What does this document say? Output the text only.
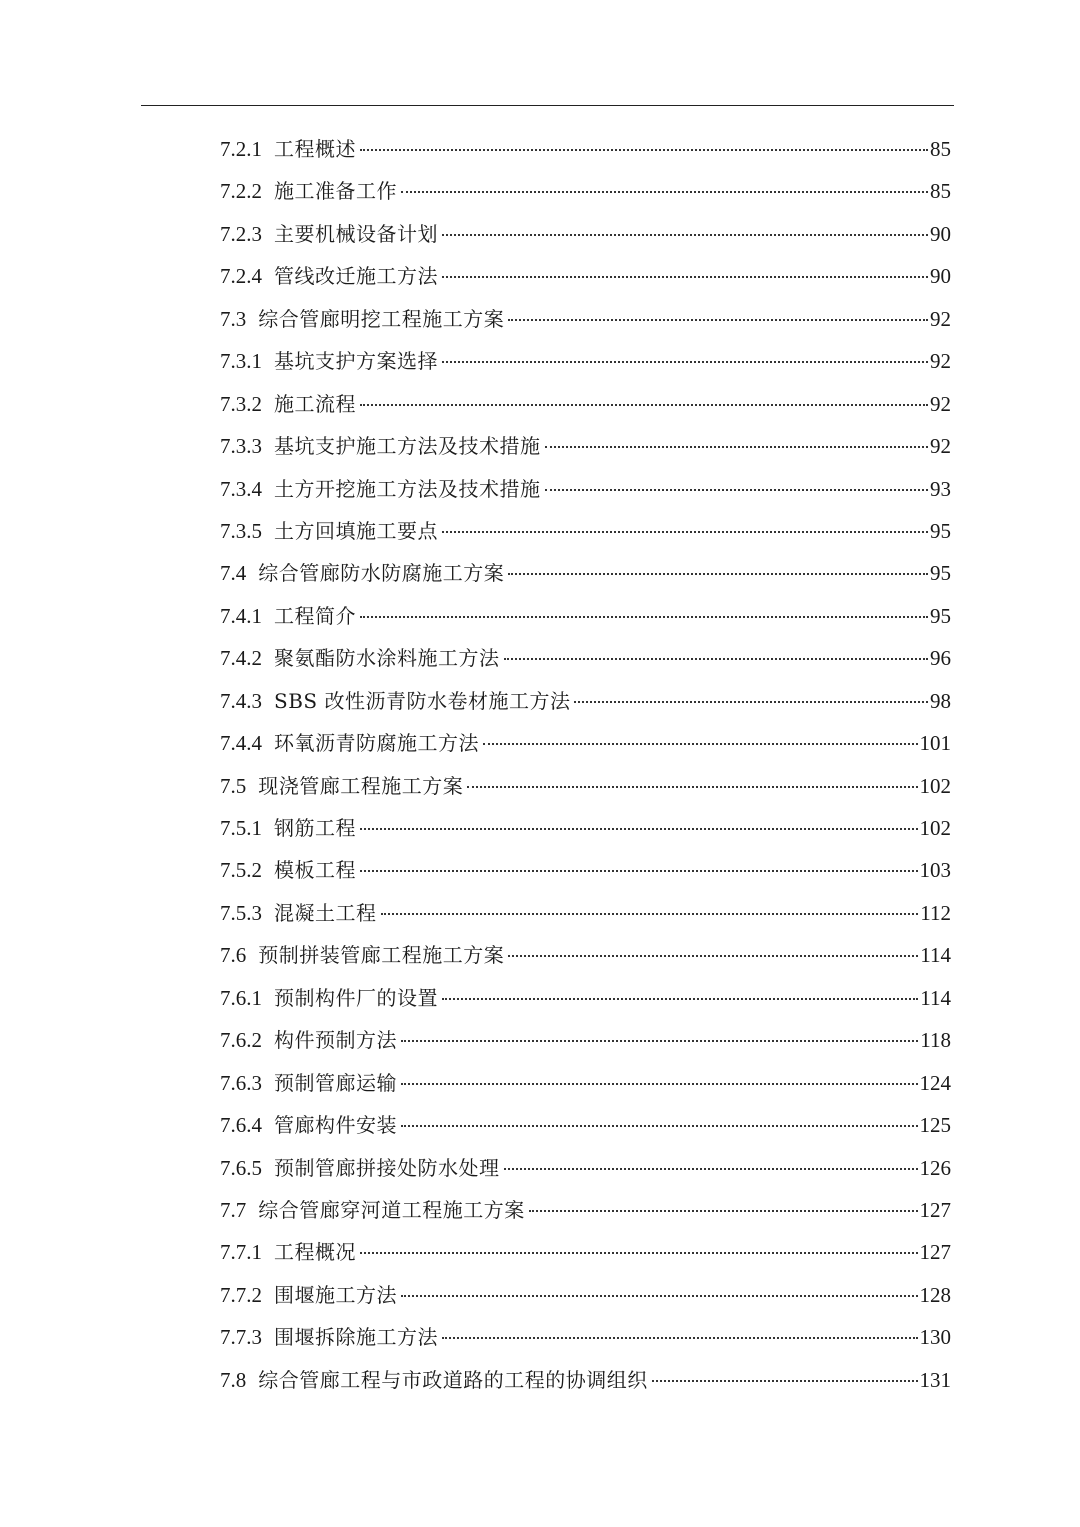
7.2.1 工程概述	85
7.2.2 施工准备工作	85
7.2.3 主要机械设备计划	90
7.2.4 管线改迁施工方法	90
7.3 综合管廊明挖工程施工方案	92
7.3.1 基坑支护方案选择	92
7.3.2 施工流程	92
7.3.3 基坑支护施工方法及技术措施	92
7.3.4 土方开挖施工方法及技术措施	93
7.3.5 土方回填施工要点	95
7.4 综合管廊防水防腐施工方案	95
7.4.1 工程简介	95
7.4.2 聚氨酯防水涂料施工方法	96
7.4.3 SBS 改性沥青防水卷材施工方法	98
7.4.4 环氧沥青防腐施工方法	101
7.5 现浇管廊工程施工方案	102
7.5.1 钢筋工程	102
7.5.2 模板工程	103
7.5.3 混凝土工程	112
7.6 预制拼装管廊工程施工方案	114
7.6.1 预制构件厂的设置	114
7.6.2 构件预制方法	118
7.6.3 预制管廊运输	124
7.6.4 管廊构件安装	125
7.6.5 预制管廊拼接处防水处理	126
7.7 综合管廊穿河道工程施工方案	127
7.7.1 工程概况	127
7.7.2 围堰施工方法	128
7.7.3 围堰拆除施工方法	130
7.8 综合管廊工程与市政道路的工程的协调组织	131
